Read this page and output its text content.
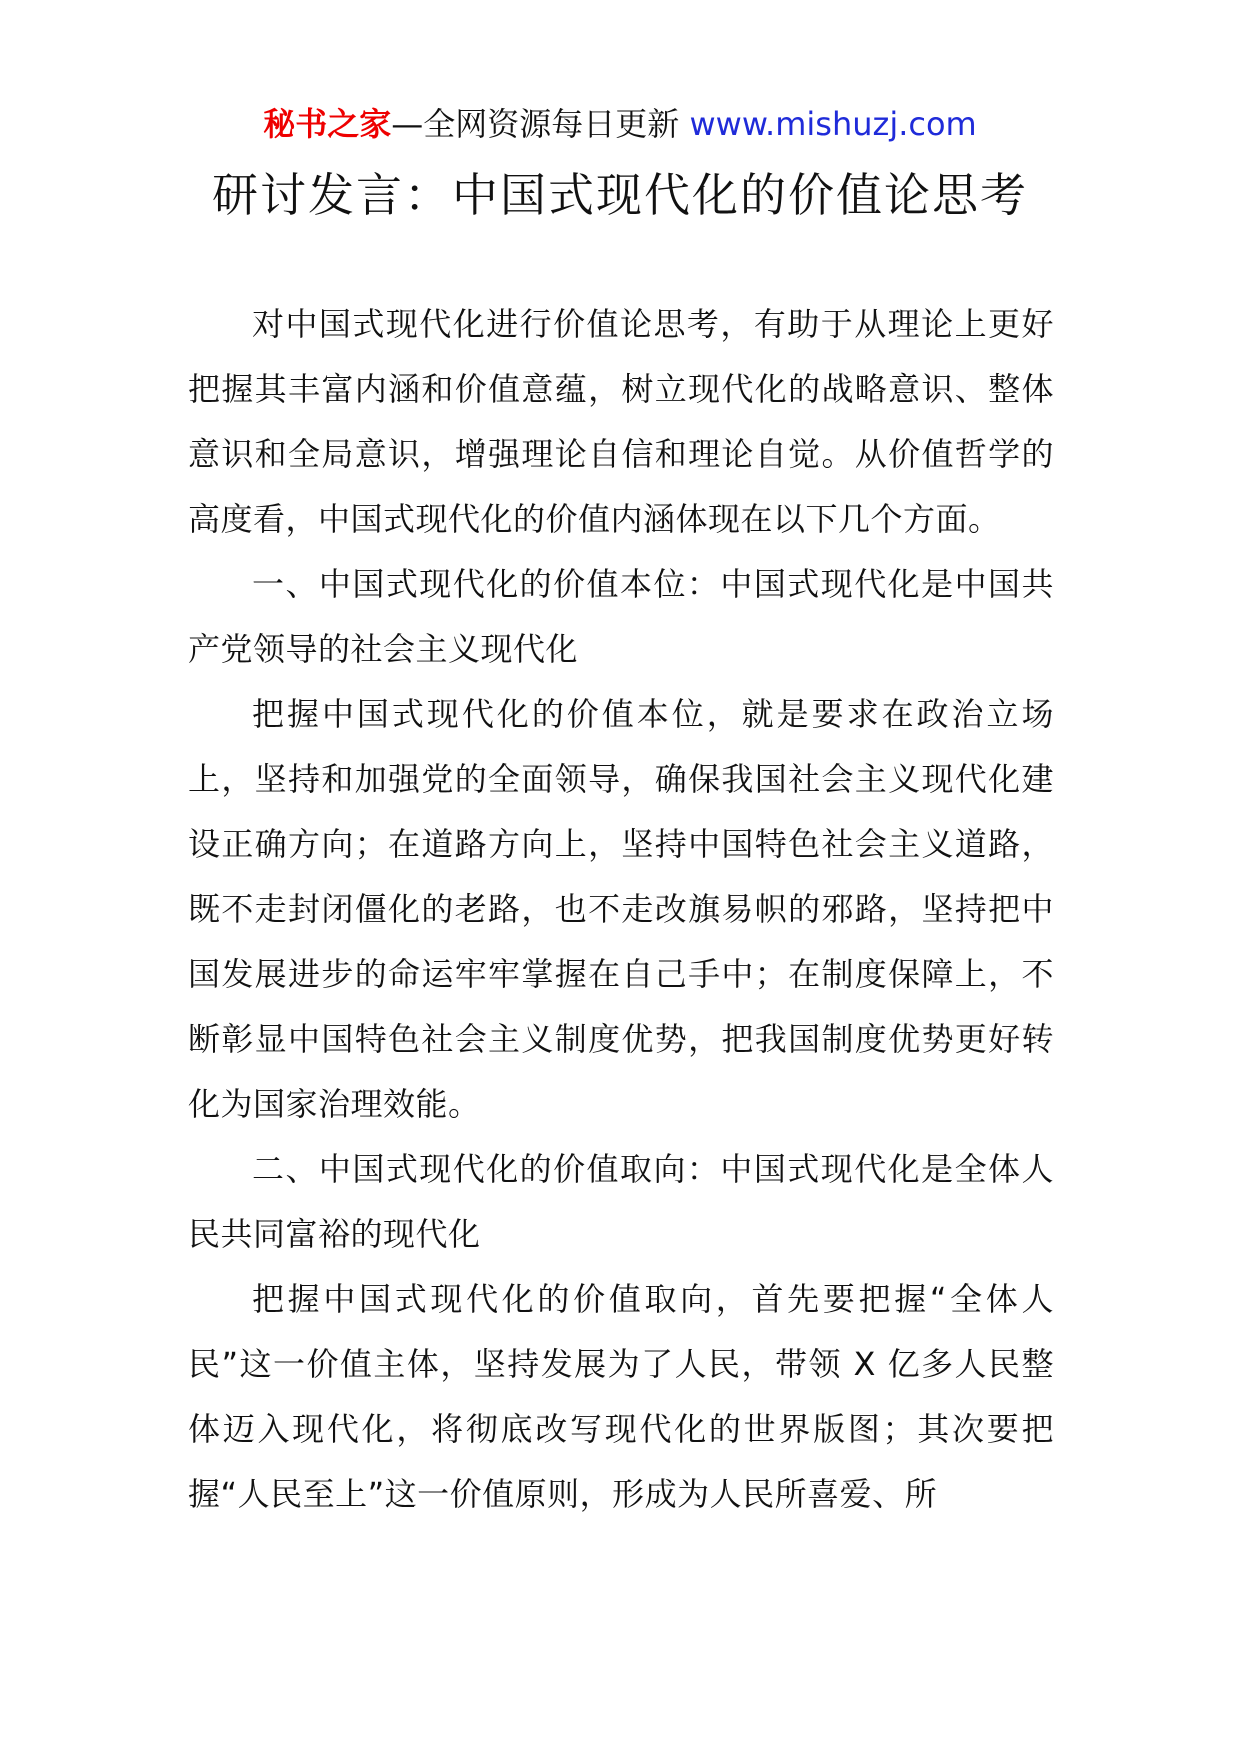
秘书之家—全网资源每日更新 www.mishuzj.com
研讨发言：中国式现代化的价值论思考

对中国式现代化进行价值论思考，有助于从理论上更好把握其丰富内涵和价值意蕴，树立现代化的战略意识、整体意识和全局意识，增强理论自信和理论自觉。从价值哲学的高度看，中国式现代化的价值内涵体现在以下几个方面。

一、中国式现代化的价值本位：中国式现代化是中国共产党领导的社会主义现代化

把握中国式现代化的价值本位，就是要求在政治立场上，坚持和加强党的全面领导，确保我国社会主义现代化建设正确方向；在道路方向上，坚持中国特色社会主义道路，既不走封闭僵化的老路，也不走改旗易帜的邪路，坚持把中国发展进步的命运牢牢掌握在自己手中；在制度保障上，不断彰显中国特色社会主义制度优势，把我国制度优势更好转化为国家治理效能。

二、中国式现代化的价值取向：中国式现代化是全体人民共同富裕的现代化

把握中国式现代化的价值取向，首先要把握“全体人民”这一价值主体，坚持发展为了人民，带领 X 亿多人民整体迈入现代化，将彻底改写现代化的世界版图；其次要把握“人民至上”这一价值原则，形成为人民所喜爱、所
